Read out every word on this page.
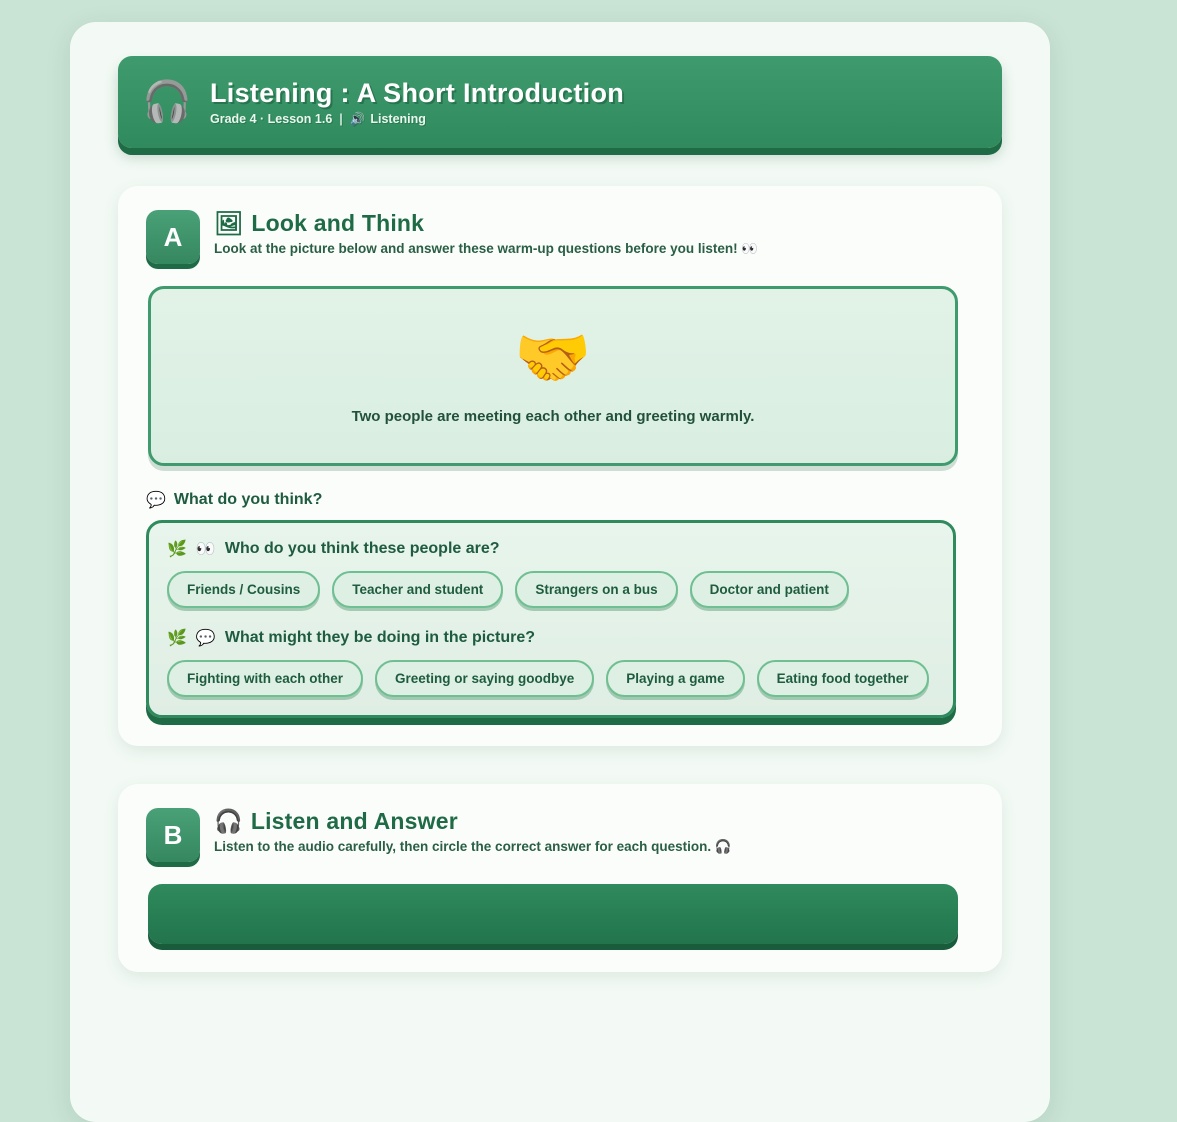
🎧 Listening : A Short Introduction
Grade 4 · Lesson 1.6 | 🔊 Listening
A	🖼 Look and Think
Look at the picture below and answer these warm-up questions before you listen! 👀
🤝
Two people are meeting each other and greeting warmly.
💬 What do you think?
🌿 👀 Who do you think these people are?
Friends / Cousins	Teacher and student	Strangers on a bus	Doctor and patient
🌿 💬 What might they be doing in the picture?
Fighting with each other	Greeting or saying goodbye	Playing a game	Eating food together
B	🎧 Listen and Answer
Listen to the audio carefully, then circle the correct answer for each question. 🎧
